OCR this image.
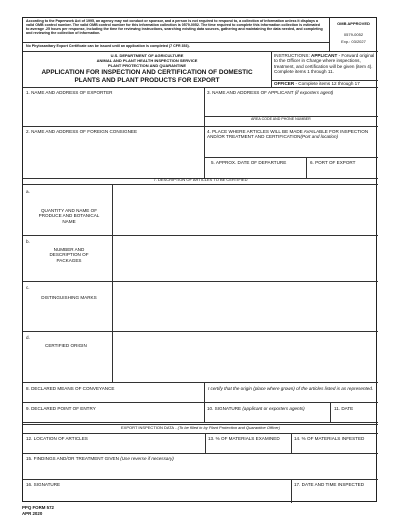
According to the Paperwork Act of 1995, an agency may not conduct or sponsor, and a person is not required to respond to, a collection of information unless it displays a valid OMB control number. The valid OMB control number for this information collection is 0579-0052. The time required to complete this information collection is estimated to average .25 hours per response, including the time for reviewing instructions, searching existing data sources, gathering and maintaining the data needed, and completing and reviewing the collection of information.
No Phytosanitary Export Certificate can be issued until an application is completed (7 CFR 353).
OMB APPROVED
0579-0052
Exp.: 03/2027
U.S. DEPARTMENT OF AGRICULTURE
ANIMAL AND PLANT HEALTH INSPECTION SERVICE
PLANT PROTECTION AND QUARANTINE
APPLICATION FOR INSPECTION AND CERTIFICATION OF DOMESTIC
PLANTS AND PLANT PRODUCTS FOR EXPORT
INSTRUCTIONS: APPLICANT - Forward original to the Officer in Charge where inspections, treatment, and certification will be given (item 4). Complete items 1 through 11.
OFFICER - Complete items 12 through 17
1. NAME AND ADDRESS OF EXPORTER	3. NAME AND ADDRESS OF APPLICANT (if exporters agent)
AREA CODE AND PHONE NUMBER
2. NAME AND ADDRESS OF FOREIGN CONSIGNEE	4. PLACE WHERE ARTICLES WILL BE MADE AVAILABLE FOR INSPECTION AND/OR TREATMENT AND CERTIFICATION(Port and location)
5. APPROX. DATE OF DEPARTURE	6. PORT OF EXPORT
7. DESCRIPTION OF ARTICLES TO BE CERTIFIED
a.
QUANTITY AND NAME OF PRODUCE AND BOTANICAL NAME
b.
NUMBER AND DESCRIPTION OF PACKAGES
c.
DISTINGUISHING MARKS
d.
CERTIFIED ORIGIN
8. DECLARED MEANS OF CONVEYANCE
9. DECLARED POINT OF ENTRY
I certify that the origin (place where grown) of the articles listed is as represented.
10. SIGNATURE (applicant or exporters agents)	11. DATE
EXPORT INSPECTION DATA - (To be filled in by Plant Protection and Quarantine Officer)
12. LOCATION OF ARTICLES	13. % OF MATERIALS EXAMINED	14. % OF MATERIALS INFESTED
15. FINDINGS AND/OR TREATMENT GIVEN (Use reverse if necessary)
16. SIGNATURE	17. DATE AND TIME INSPECTED
PPQ FORM 572
APR 2020
